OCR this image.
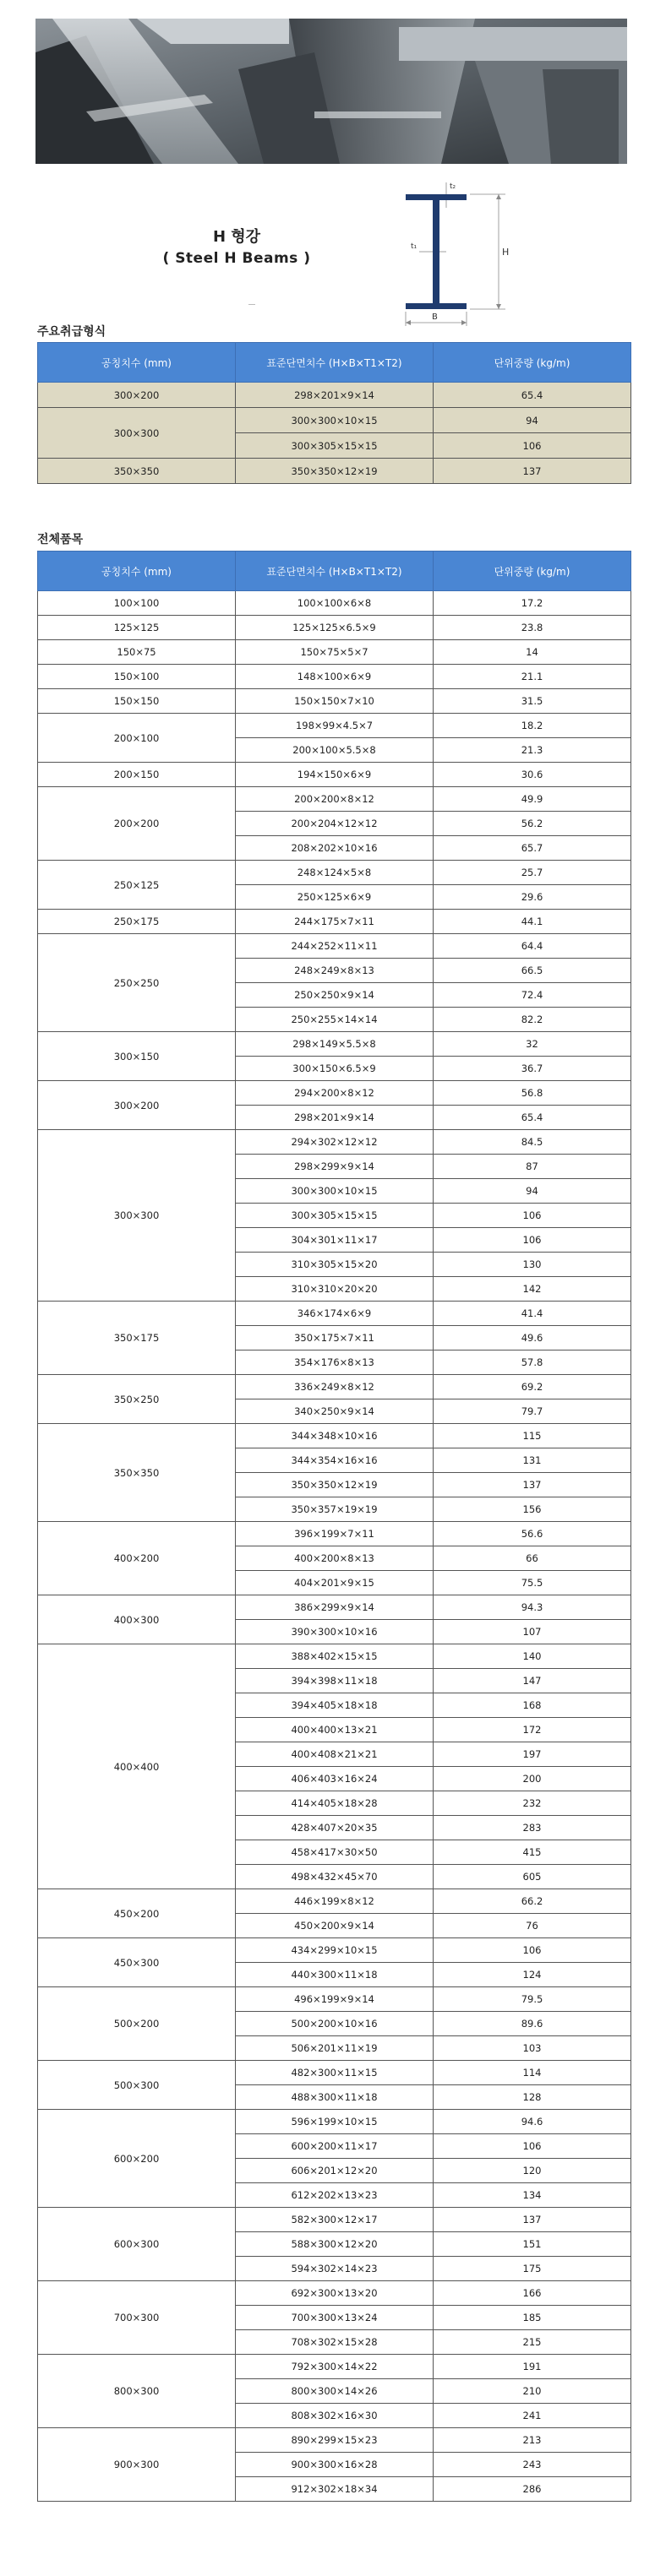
H 형강
( Steel H Beams )	H
t₂
t₁
B
주요취급형식
공칭치수 (mm)	표준단면치수 (H×B×T1×T2)	단위중량 (kg/m)
300×200	298×201×9×14	65.4
300×300	300×300×10×15	94
	300×305×15×15	106
350×350	350×350×12×19	137
전체품목
공칭치수 (mm)	표준단면치수 (H×B×T1×T2)	단위중량 (kg/m)
100×100	100×100×6×8	17.2
125×125	125×125×6.5×9	23.8
150×75	150×75×5×7	14
150×100	148×100×6×9	21.1
150×150	150×150×7×10	31.5
200×100	198×99×4.5×7	18.2
	200×100×5.5×8	21.3
200×150	194×150×6×9	30.6
200×200	200×200×8×12	49.9
	200×204×12×12	56.2
	208×202×10×16	65.7
250×125	248×124×5×8	25.7
	250×125×6×9	29.6
250×175	244×175×7×11	44.1
250×250	244×252×11×11	64.4
	248×249×8×13	66.5
	250×250×9×14	72.4
	250×255×14×14	82.2
300×150	298×149×5.5×8	32
	300×150×6.5×9	36.7
300×200	294×200×8×12	56.8
	298×201×9×14	65.4
300×300	294×302×12×12	84.5
	298×299×9×14	87
	300×300×10×15	94
	300×305×15×15	106
	304×301×11×17	106
	310×305×15×20	130
	310×310×20×20	142
350×175	346×174×6×9	41.4
	350×175×7×11	49.6
	354×176×8×13	57.8
350×250	336×249×8×12	69.2
	340×250×9×14	79.7
350×350	344×348×10×16	115
	344×354×16×16	131
	350×350×12×19	137
	350×357×19×19	156
400×200	396×199×7×11	56.6
	400×200×8×13	66
	404×201×9×15	75.5
400×300	386×299×9×14	94.3
	390×300×10×16	107
400×400	388×402×15×15	140
	394×398×11×18	147
	394×405×18×18	168
	400×400×13×21	172
	400×408×21×21	197
	406×403×16×24	200
	414×405×18×28	232
	428×407×20×35	283
	458×417×30×50	415
	498×432×45×70	605
450×200	446×199×8×12	66.2
	450×200×9×14	76
450×300	434×299×10×15	106
	440×300×11×18	124
500×200	496×199×9×14	79.5
	500×200×10×16	89.6
	506×201×11×19	103
500×300	482×300×11×15	114
	488×300×11×18	128
600×200	596×199×10×15	94.6
	600×200×11×17	106
	606×201×12×20	120
	612×202×13×23	134
600×300	582×300×12×17	137
	588×300×12×20	151
	594×302×14×23	175
700×300	692×300×13×20	166
	700×300×13×24	185
	708×302×15×28	215
800×300	792×300×14×22	191
	800×300×14×26	210
	808×302×16×30	241
900×300	890×299×15×23	213
	900×300×16×28	243
	912×302×18×34	286
